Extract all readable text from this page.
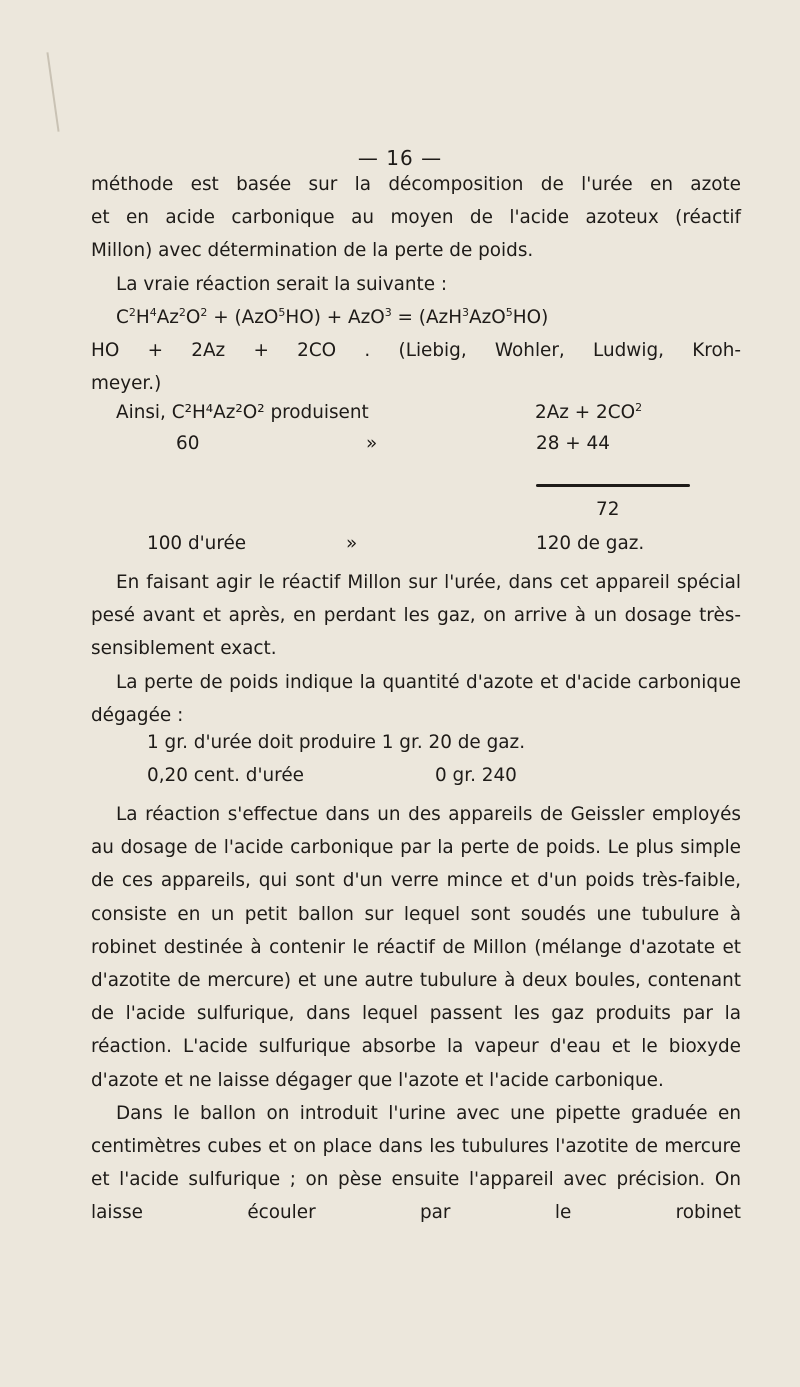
— 16 —

méthode est basée sur la décomposition de l'urée en azote

et en acide carbonique au moyen de l'acide azoteux (réactif

Millon) avec détermination de la perte de poids.

La vraie réaction serait la suivante :

$C^2H^4Az^2O^2 + (AzO^5HO) + AzO^3 = (AzH^3AzO^5HO)$

HO + 2Az + 2CO . (Liebig, Wohler, Ludwig, Kroh-

meyer.)

Ainsi, C²H⁴Az²O² produisent	$2Az + 2CO^2$
60	»	28 + 44
72
100 d'urée	»	120 de gaz.

En faisant agir le réactif Millon sur l'urée, dans cet appareil spécial pesé avant et après, en perdant les gaz, on arrive à un dosage très-sensiblement exact.

La perte de poids indique la quantité d'azote et d'acide carbonique dégagée :

1 gr. d'urée doit produire 1 gr. 20 de gaz.
0,20 cent. d'urée	0 gr. 240

La réaction s'effectue dans un des appareils de Geissler employés au dosage de l'acide carbonique par la perte de poids. Le plus simple de ces appareils, qui sont d'un verre mince et d'un poids très-faible, consiste en un petit ballon sur lequel sont soudés une tubulure à robinet destinée à contenir le réactif de Millon (mélange d'azotate et d'azotite de mercure) et une autre tubulure à deux boules, contenant de l'acide sulfurique, dans lequel passent les gaz produits par la réaction. L'acide sulfurique absorbe la vapeur d'eau et le bioxyde d'azote et ne laisse dégager que l'azote et l'acide carbonique.

Dans le ballon on introduit l'urine avec une pipette graduée en centimètres cubes et on place dans les tubulures l'azotite de mercure et l'acide sulfurique ; on pèse ensuite l'appareil avec précision. On laisse écouler par le robinet
